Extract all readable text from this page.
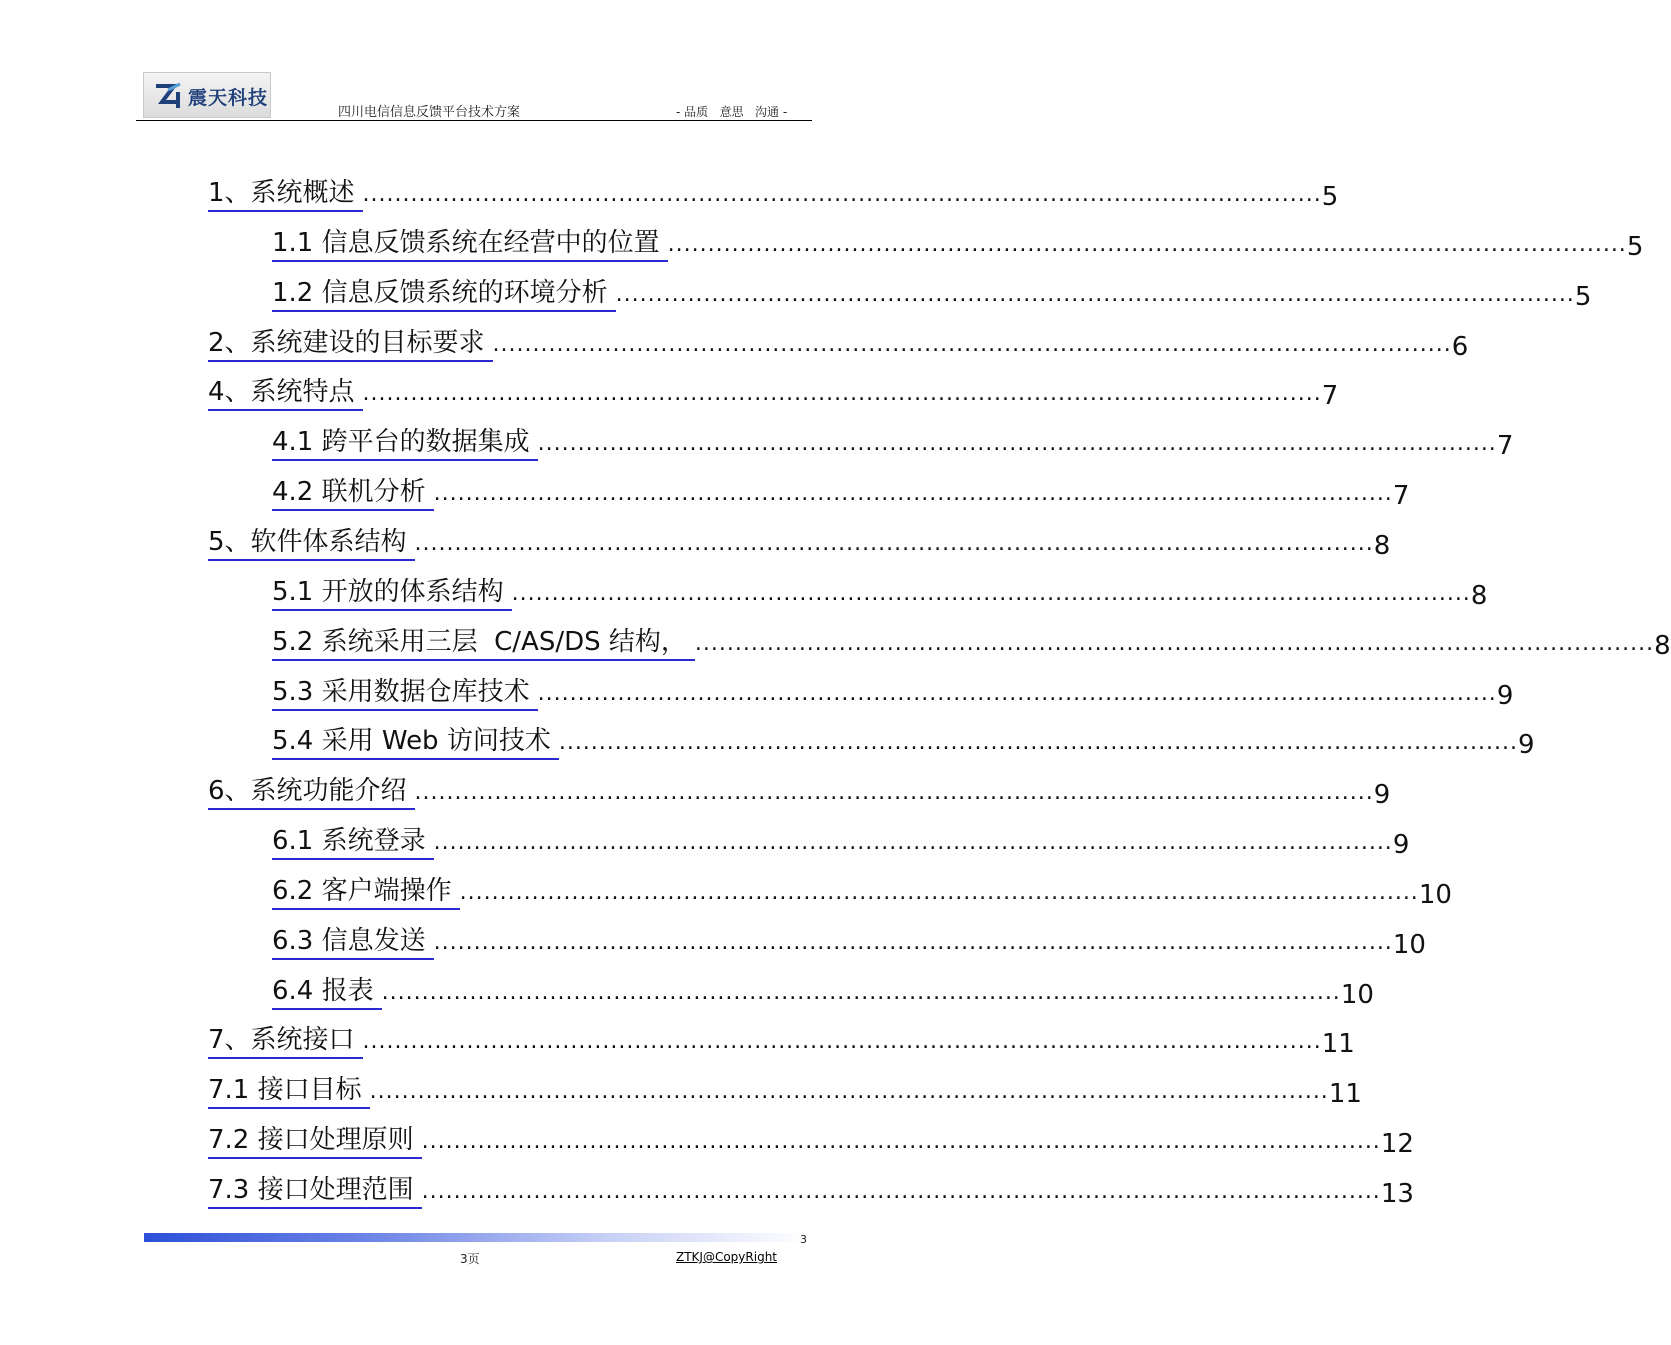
震天科技
四川电信信息反馈平台技术方案	- 品质   意思   沟通 -
1、系统概述 ........................................................................................................................ 5
1.1 信息反馈系统在经营中的位置 ........................................................................................................................ 5
1.2 信息反馈系统的环境分析 ........................................................................................................................ 5
2、系统建设的目标要求 ........................................................................................................................ 6
4、系统特点 ........................................................................................................................ 7
4.1 跨平台的数据集成 ........................................................................................................................ 7
4.2 联机分析 ........................................................................................................................ 7
5、软件体系结构 ........................................................................................................................ 8
5.1 开放的体系结构 ........................................................................................................................ 8
5.2 系统采用三层  C/AS/DS 结构， ........................................................................................................................ 8
5.3 采用数据仓库技术 ........................................................................................................................ 9
5.4 采用 Web 访问技术 ........................................................................................................................ 9
6、系统功能介绍 ........................................................................................................................ 9
6.1 系统登录 ........................................................................................................................ 9
6.2 客户端操作 ........................................................................................................................ 10
6.3 信息发送 ........................................................................................................................ 10
6.4 报表 ........................................................................................................................ 10
7、系统接口 ........................................................................................................................ 11
7.1 接口目标 ........................................................................................................................ 11
7.2 接口处理原则 ........................................................................................................................ 12
7.3 接口处理范围 ........................................................................................................................ 13
3
3页	ZTKJ@CopyRight
